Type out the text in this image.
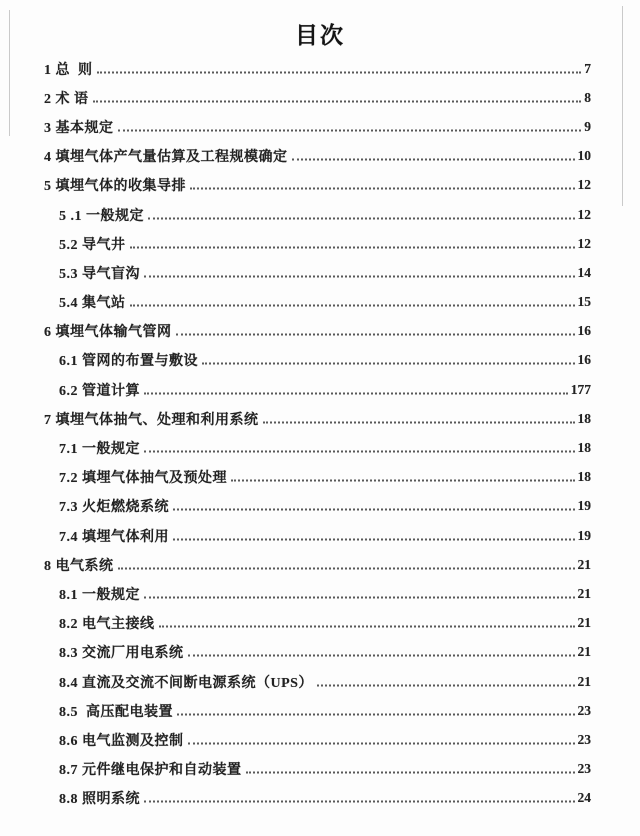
目次
1 总  则	7
2 术 语	8
3 基本规定	9
4 填埋气体产气量估算及工程规模确定	10
5 填埋气体的收集导排	12
5 .1 一般规定	12
5.2 导气井	12
5.3 导气盲沟	14
5.4 集气站	15
6 填埋气体输气管网	16
6.1 管网的布置与敷设	16
6.2 管道计算	177
7 填埋气体抽气、处理和利用系统	18
7.1 一般规定	18
7.2 填埋气体抽气及预处理	18
7.3 火炬燃烧系统	19
7.4 填埋气体利用	19
8 电气系统	21
8.1 一般规定	21
8.2 电气主接线	21
8.3 交流厂用电系统	21
8.4 直流及交流不间断电源系统（UPS）	21
8.5  高压配电装置	23
8.6 电气监测及控制	23
8.7 元件继电保护和自动装置	23
8.8 照明系统	24
